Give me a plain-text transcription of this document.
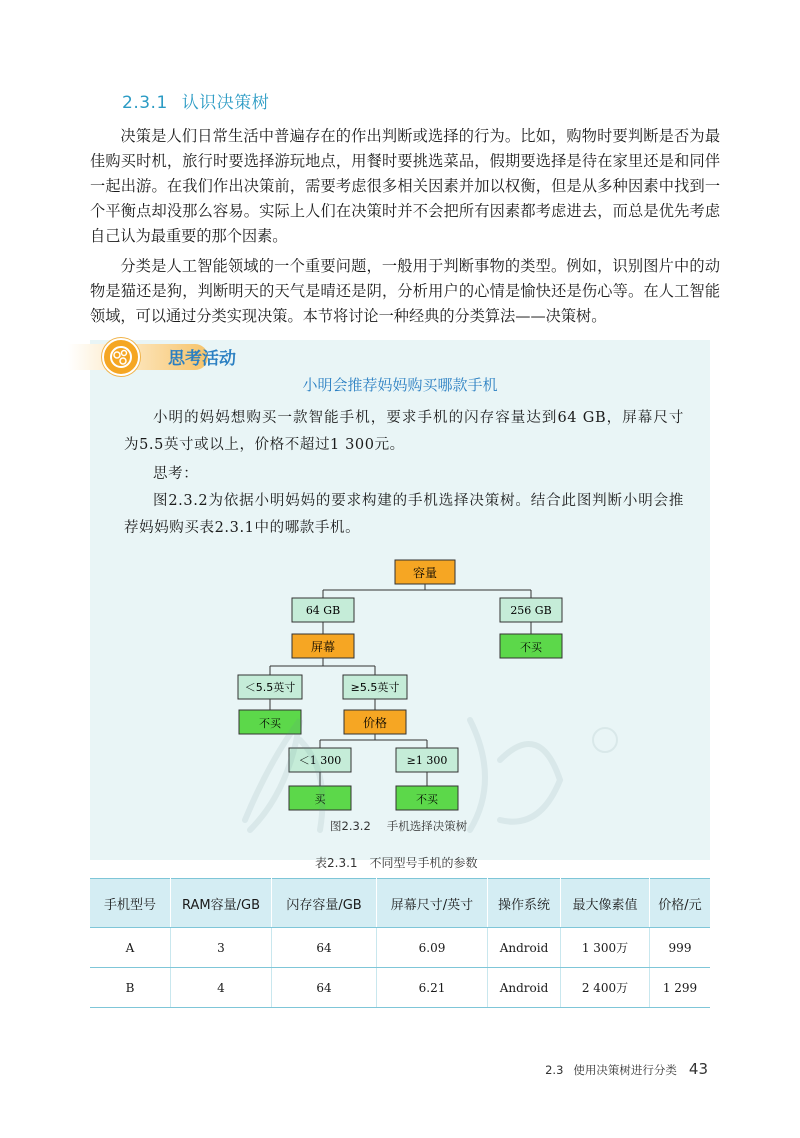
2.3.1 认识决策树

决策是人们日常生活中普遍存在的作出判断或选择的行为。比如，购物时要判断是否为最佳购买时机，旅行时要选择游玩地点，用餐时要挑选菜品，假期要选择是待在家里还是和同伴一起出游。在我们作出决策前，需要考虑很多相关因素并加以权衡，但是从多种因素中找到一个平衡点却没那么容易。实际上人们在决策时并不会把所有因素都考虑进去，而总是优先考虑自己认为最重要的那个因素。

分类是人工智能领域的一个重要问题，一般用于判断事物的类型。例如，识别图片中的动物是猫还是狗，判断明天的天气是晴还是阴，分析用户的心情是愉快还是伤心等。在人工智能领域，可以通过分类实现决策。本节将讨论一种经典的分类算法——决策树。

思考活动
小明会推荐妈妈购买哪款手机

小明的妈妈想购买一款智能手机，要求手机的闪存容量达到64 GB，屏幕尺寸为5.5英寸或以上，价格不超过1 300元。

思考：

图2.3.2为依据小明妈妈的要求构建的手机选择决策树。结合此图判断小明会推荐妈妈购买表2.3.1中的哪款手机。

容量
64 GB	256 GB
屏幕	不买
＜5.5英寸	≥5.5英寸
不买	价格
＜1 300	≥1 300
买	不买
图2.3.2 手机选择决策树
表2.3.1 不同型号手机的参数
手机型号	RAM容量/GB	闪存容量/GB	屏幕尺寸/英寸	操作系统	最大像素值	价格/元
A	3	64	6.09	Android	1 300万	999
B	4	64	6.21	Android	2 400万	1 299
2.3 使用决策树进行分类 43
